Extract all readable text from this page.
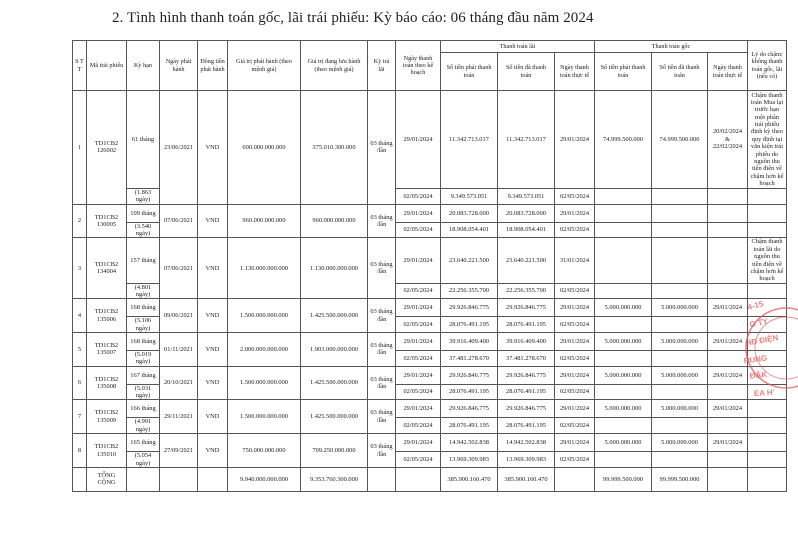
2. Tình hình thanh toán gốc, lãi trái phiếu: Kỳ báo cáo: 06 tháng đầu năm 2024
S T T	Mã trái phiếu	Kỳ hạn	Ngày phát hành	Đồng tiền phát hành	Giá trị phát hành (theo mệnh giá)	Giá trị đang lưu hành (theo mệnh giá)	Kỳ trả lãi	Ngày thanh toán theo kế hoạch	Thanh toán lãi			Thanh toán gốc			Lý do chậm/ không thanh toán gốc, lãi (nếu có)
									Số tiền phải thanh toán	Số tiền đã thanh toán	Ngày thanh toán thực tế	Số tiền phải thanh toán	Số tiền đã thanh toán	Ngày thanh toán thực tế	
1	TD1CB2 126002	61 tháng	23/06/2021	VND	600.000.000.000	375.010.300.000	03 tháng /lần	29/01/2024	11.342.713.017	11.342.713.017	29/01/2024	74.999.500.000	74.999.500.000	20/02/2024 & 22/02/2024	Chậm thanh toán Mua lại trước hạn một phần trái phiếu định kỳ theo quy định tại văn kiện trái phiếu do nguồn thu tiền điện về chậm hơn kế hoạch
		(1.863 ngày)						02/05/2024	9.349.573.051	9.349.573.051	02/05/2024				
2	TD1CB2 130005	109 tháng	07/06/2021	VND	960.000.000.000	960.000.000.000	03 tháng /lần	29/01/2024	20.083.728.000	20.083.728.000	29/01/2024				
		(3.540 ngày)						02/05/2024	18.908.054.401	18.908.054.401	02/05/2024				
3	TD1CB2 134004	157 tháng	07/06/2021	VND	1.130.000.000.000	1.130.000.000.000	03 tháng /lần	29/01/2024	23.640.221.500	23.640.221.500	31/01/2024				Chậm thanh toán lãi do nguồn thu tiền điện về chậm hơn kế hoạch
		(4.801 ngày)						02/05/2024	22.256.355.700	22.256.355.700	02/05/2024				
4	TD1CB2 135006	168 tháng	09/06/2021	VND	1.500.000.000.000	1.425.500.000.000	03 tháng /lần	29/01/2024	29.926.846.775	29.926.846.775	29/01/2024	5.000.000.000	5.000.000.000	29/01/2024	
		(5.106 ngày)						02/05/2024	28.076.491.195	28.076.491.195	02/05/2024				
5	TD1CB2 135007	168 tháng	01/11/2021	VND	2.000.000.000.000	1.903.000.000.000	03 tháng /lần	29/01/2024	39.916.409.400	39.916.409.400	29/01/2024	5.000.000.000	5.000.000.000	29/01/2024	
		(5.019 ngày)						02/05/2024	37.481.278.670	37.481.278.670	02/05/2024				
6	TD1CB2 135008	167 tháng	20/10/2021	VND	1.500.000.000.000	1.425.500.000.000	03 tháng /lần	29/01/2024	29.926.846.775	29.926.846.775	29/01/2024	5.000.000.000	5.000.000.000	29/01/2024	
		(5.031 ngày)						02/05/2024	28.076.491.195	28.076.491.195	02/05/2024				
7	TD1CB2 135009	166 tháng	29/11/2021	VND	1.500.000.000.000	1.425.500.000.000	03 tháng /lần	29/01/2024	29.926.846.775	29.926.846.775	29/01/2024	5.000.000.000	5.000.000.000	29/01/2024	
		(4.991 ngày)						02/05/2024	28.076.491.195	28.076.491.195	02/05/2024				
8	TD1CB2 135010	165 tháng	27/09/2021	VND	750.000.000.000	709.250.000.000	03 tháng /lần	29/01/2024	14.942.502.838	14.942.502.838	29/01/2024	5.000.000.000	5.000.000.000	29/01/2024	
		(5.054 ngày)						02/05/2024	13.969.309.983	13.969.309.983	02/05/2024				
	TỔNG CỘNG				9.940.000.000.000	9.353.760.300.000			385.900.160.470	385.900.160.470		99.999.500.000	99.999.500.000		
4-15
G TY
HĐ ĐIỆN
RUNG
ĐẮK
EA H'
